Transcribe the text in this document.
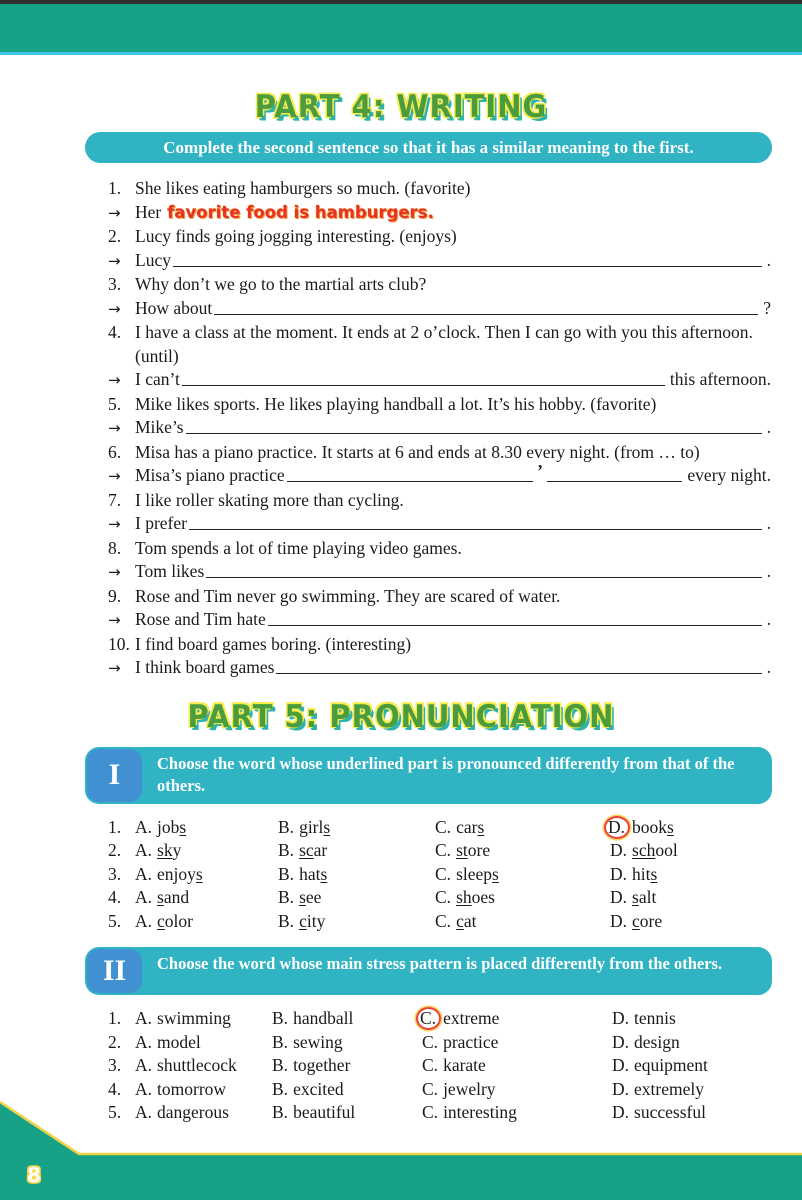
PART 4: WRITING
Complete the second sentence so that it has a similar meaning to the first.
1. She likes eating hamburgers so much. (favorite)
→ Her favorite food is hamburgers.
2. Lucy finds going jogging interesting. (enjoys)
→ Lucy	.
3. Why don’t we go to the martial arts club?
→ How about	?
4. I have a class at the moment. It ends at 2 o’clock. Then I can go with you this afternoon. (until)
→ I can’t	this afternoon.
5. Mike likes sports. He likes playing handball a lot. It’s his hobby. (favorite)
→ Mike’s	.
6. Misa has a piano practice. It starts at 6 and ends at 8.30 every night. (from … to)
→ Misa’s piano practice	’	every night.
7. I like roller skating more than cycling.
→ I prefer	.
8. Tom spends a lot of time playing video games.
→ Tom likes	.
9. Rose and Tim never go swimming. They are scared of water.
→ Rose and Tim hate	.
10. I find board games boring. (interesting)
→ I think board games	.
PART 5: PRONUNCIATION
I	Choose the word whose underlined part is pronounced differently from that of the others.
1. A. jobs	B. girls	C. cars	D. books
2. A. sky	B. scar	C. store	D. school
3. A. enjoys	B. hats	C. sleeps	D. hits
4. A. sand	B. see	C. shoes	D. salt
5. A. color	B. city	C. cat	D. core
II	Choose the word whose main stress pattern is placed differently from the others.
1. A. swimming	B. handball	C. extreme	D. tennis
2. A. model	B. sewing	C. practice	D. design
3. A. shuttlecock	B. together	C. karate	D. equipment
4. A. tomorrow	B. excited	C. jewelry	D. extremely
5. A. dangerous	B. beautiful	C. interesting	D. successful
8
